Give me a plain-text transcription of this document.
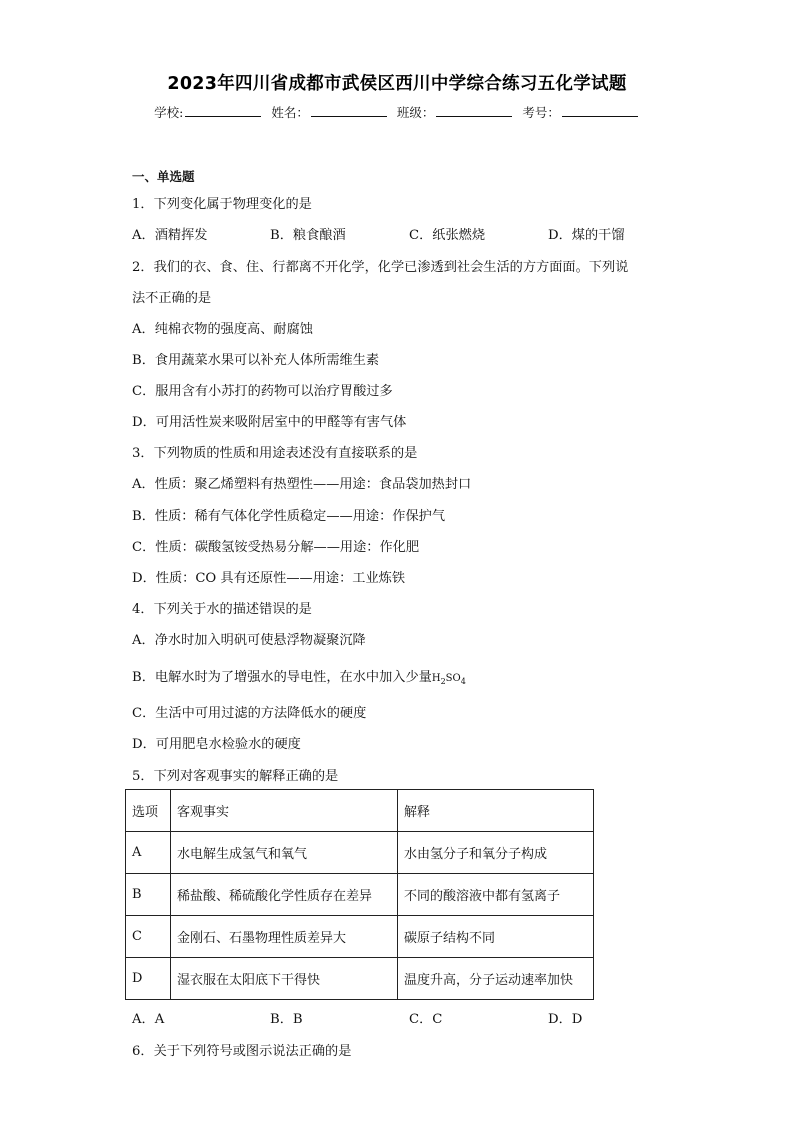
2023年四川省成都市武侯区西川中学综合练习五化学试题
学校:	姓名：	班级：	考号：
一、单选题
1．下列变化属于物理变化的是
A．酒精挥发	B．粮食酿酒	C．纸张燃烧	D．煤的干馏
2．我们的衣、食、住、行都离不开化学，化学已渗透到社会生活的方方面面。下列说
法不正确的是
A．纯棉衣物的强度高、耐腐蚀
B．食用蔬菜水果可以补充人体所需维生素
C．服用含有小苏打的药物可以治疗胃酸过多
D．可用活性炭来吸附居室中的甲醛等有害气体
3．下列物质的性质和用途表述没有直接联系的是
A．性质：聚乙烯塑料有热塑性——用途：食品袋加热封口
B．性质：稀有气体化学性质稳定——用途：作保护气
C．性质：碳酸氢铵受热易分解——用途：作化肥
D．性质：CO 具有还原性——用途：工业炼铁
4．下列关于水的描述错误的是
A．净水时加入明矾可使悬浮物凝聚沉降
B．电解水时为了增强水的导电性，在水中加入少量$H_2SO_4$
C．生活中可用过滤的方法降低水的硬度
D．可用肥皂水检验水的硬度
5．下列对客观事实的解释正确的是
选项	客观事实	解释
A	水电解生成氢气和氧气	水由氢分子和氧分子构成
B	稀盐酸、稀硫酸化学性质存在差异	不同的酸溶液中都有氢离子
C	金刚石、石墨物理性质差异大	碳原子结构不同
D	湿衣服在太阳底下干得快	温度升高，分子运动速率加快
A．A	B．B	C．C	D．D
6．关于下列符号或图示说法正确的是
